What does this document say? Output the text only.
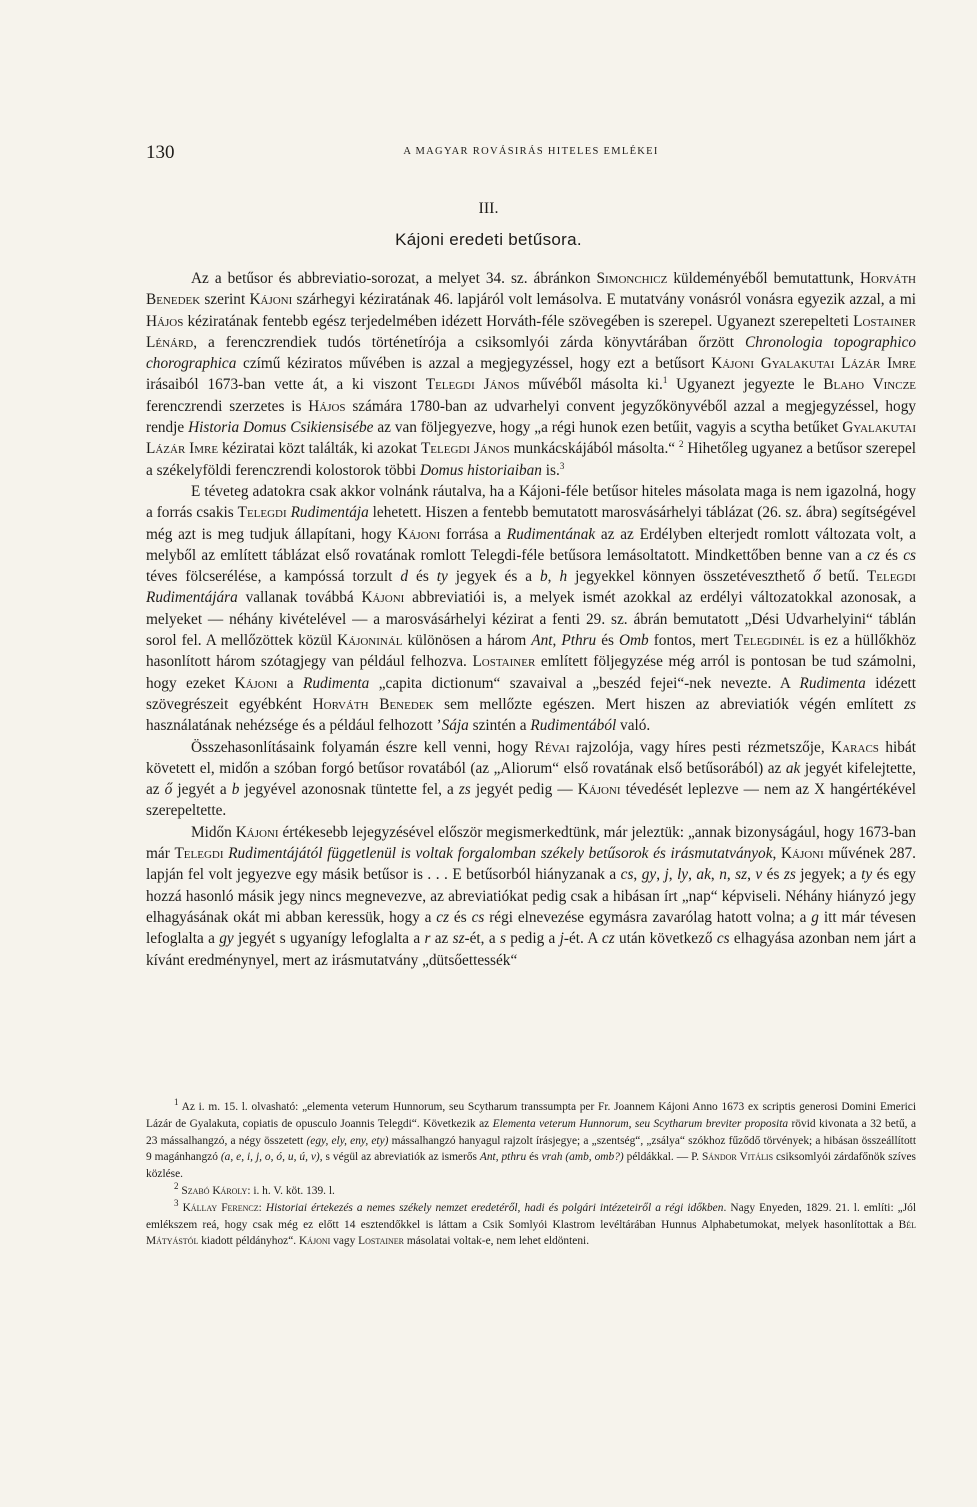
130	A MAGYAR ROVÁSIRÁS HITELES EMLÉKEI
III.
Kájoni eredeti betűsora.

Az a betűsor és abbreviatio-sorozat, a melyet 34. sz. ábránkon Simonchicz küldeményéből bemutattunk, Horváth Benedek szerint Kájoni szárhegyi kéziratának 46. lapjáról volt lemásolva. E mutatvány vonásról vonásra egyezik azzal, a mi Hájos kéziratának fentebb egész terjedelmében idézett Horváth-féle szövegében is szerepel. Ugyanezt szerepelteti Lostainer Lénárd, a ferenczrendiek tudós történetírója a csiksomlyói zárda könyvtárában őrzött Chronologia topographico chorographica czímű kéziratos művében is azzal a megjegyzéssel, hogy ezt a betűsort Kájoni Gyalakutai Lázár Imre irásaiból 1673-ban vette át, a ki viszont Telegdi János művéből másolta ki.$^1$ Ugyanezt jegyezte le Blaho Vincze ferenczrendi szerzetes is Hájos számára 1780-ban az udvarhelyi convent jegyzőkönyvéből azzal a megjegyzéssel, hogy rendje Historia Domus Csikiensisébe az van följegyezve, hogy „a régi hunok ezen betűit, vagyis a scytha betűket Gyalakutai Lázár Imre kéziratai közt találták, ki azokat Telegdi János munkácskájából másolta.“ $^2$ Hihetőleg ugyanez a betűsor szerepel a székelyföldi ferenczrendi kolostorok többi Domus historiaiban is.$^3$

E téveteg adatokra csak akkor volnánk ráutalva, ha a Kájoni-féle betűsor hiteles másolata maga is nem igazolná, hogy a forrás csakis Telegdi Rudimentája lehetett. Hiszen a fentebb bemutatott marosvásárhelyi táblázat (26. sz. ábra) segítségével még azt is meg tudjuk állapítani, hogy Kájoni forrása a Rudimentának az az Erdélyben elterjedt romlott változata volt, a melyből az említett táblázat első rovatának romlott Telegdi-féle betűsora lemásoltatott. Mindkettőben benne van a cz és cs téves fölcserélése, a kampóssá torzult d és ty jegyek és a b, h jegyekkel könnyen összetéveszthető ő betű. Telegdi Rudimentájára vallanak továbbá Kájoni abbreviatiói is, a melyek ismét azokkal az erdélyi változatokkal azonosak, a melyeket — néhány kivételével — a marosvásárhelyi kézirat a fenti 29. sz. ábrán bemutatott „Dési Udvarhelyini“ táblán sorol fel. A mellőzöttek közül Kájoninál különösen a három Ant, Pthru és Omb fontos, mert Telegdinél is ez a hüllőkhöz hasonlított három szótagjegy van például felhozva. Lostainer említett följegyzése még arról is pontosan be tud számolni, hogy ezeket Kájoni a Rudimenta „capita dictionum“ szavaival a „beszéd fejei“-nek nevezte. A Rudimenta idézett szövegrészeit egyébként Horváth Benedek sem mellőzte egészen. Mert hiszen az abreviatiók végén említett zs használatának nehézsége és a például felhozott ’Sája szintén a Rudimentából való.

Összehasonlításaink folyamán észre kell venni, hogy Révai rajzolója, vagy híres pesti rézmetszője, Karacs hibát követett el, midőn a szóban forgó betűsor rovatából (az „Aliorum“ első rovatának első betűsorából) az ak jegyét kifelejtette, az ő jegyét a b jegyével azonosnak tüntette fel, a zs jegyét pedig — Kájoni tévedését leplezve — nem az X hangértékével szerepeltette.

Midőn Kájoni értékesebb lejegyzésével először megismerkedtünk, már jeleztük: „annak bizonyságául, hogy 1673-ban már Telegdi Rudimentájától függetlenül is voltak forgalomban székely betűsorok és irásmutatványok, Kájoni művének 287. lapján fel volt jegyezve egy másik betűsor is . . . E betűsorból hiányzanak a cs, gy, j, ly, ak, n, sz, v és zs jegyek; a ty és egy hozzá hasonló másik jegy nincs megnevezve, az abreviatiókat pedig csak a hibásan írt „nap“ képviseli. Néhány hiányzó jegy elhagyásának okát mi abban keressük, hogy a cz és cs régi elnevezése egymásra zavarólag hatott volna; a g itt már tévesen lefoglalta a gy jegyét s ugyanígy lefoglalta a r az sz-ét, a s pedig a j-ét. A cz után következő cs elhagyása azonban nem járt a kívánt eredménynyel, mert az irásmutatvány „dütsőettessék“

$^1$ Az i. m. 15. l. olvasható: „elementa veterum Hunnorum, seu Scytharum transsumpta per Fr. Joannem Kájoni Anno 1673 ex scriptis generosi Domini Emerici Lázár de Gyalakuta, copiatis de opusculo Joannis Telegdi“. Következik az Elementa veterum Hunnorum, seu Scytharum breviter proposita rövid kivonata a 32 betű, a 23 mássalhangzó, a négy összetett (egy, ely, eny, ety) mássalhangzó hanyagul rajzolt írásjegye; a „szentség“, „zsálya“ szókhoz fűződő törvények; a hibásan összeállított 9 magánhangzó (a, e, i, j, o, ó, u, ú, v), s végül az abreviatiók az ismerős Ant, pthru és vrah (amb, omb?) példákkal. — P. Sándor Vitális csiksomlyói zárdafőnök szíves közlése.

$^2$ Szabó Károly: i. h. V. köt. 139. l.

$^3$ Kállay Ferencz: Historiai értekezés a nemes székely nemzet eredetéről, hadi és polgári intézeteiről a régi időkben. Nagy Enyeden, 1829. 21. l. említi: „Jól emlékszem reá, hogy csak még ez előtt 14 esztendőkkel is láttam a Csik Somlyói Klastrom levéltárában Hunnus Alphabetumokat, melyek hasonlítottak a Bél Mátyástól kiadott példányhoz“. Kájoni vagy Lostainer másolatai voltak-e, nem lehet eldönteni.
